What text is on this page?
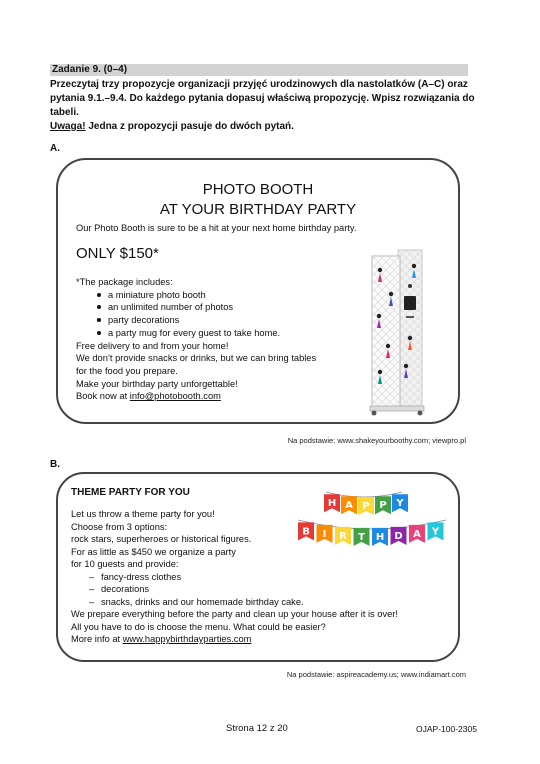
Zadanie 9. (0–4)
Przeczytaj trzy propozycje organizacji przyjęć urodzinowych dla nastolatków (A–C) oraz pytania 9.1.–9.4. Do każdego pytania dopasuj właściwą propozycję. Wpisz rozwiązania do tabeli.
Uwaga! Jedna z propozycji pasuje do dwóch pytań.
A.
PHOTO BOOTH
AT YOUR BIRTHDAY PARTY
Our Photo Booth is sure to be a hit at your next home birthday party.
ONLY $150*
*The package includes:
a miniature photo booth
an unlimited number of photos
party decorations
a party mug for every guest to take home.
Free delivery to and from your home!
We don’t provide snacks or drinks, but we can bring tables
for the food you prepare.
Make your birthday party unforgettable!
Book now at info@photobooth.com
Na podstawie: www.shakeyourboothy.com; viewpro.pl
B.
THEME PARTY FOR YOU
Let us throw a theme party for you!
Choose from 3 options:
rock stars, superheroes or historical figures.
For as little as $450 we organize a party
for 10 guests and provide:
– fancy-dress clothes
– decorations
– snacks, drinks and our homemade birthday cake.
We prepare everything before the party and clean up your house after it is over!
All you have to do is choose the menu. What could be easier?
More info at www.happybirthdayparties.com
H A P P Y
B I R T H D A Y
Na podstawie: aspireacademy.us; www.indiamart.com
Strona 12 z 20	OJAP-100-2305
